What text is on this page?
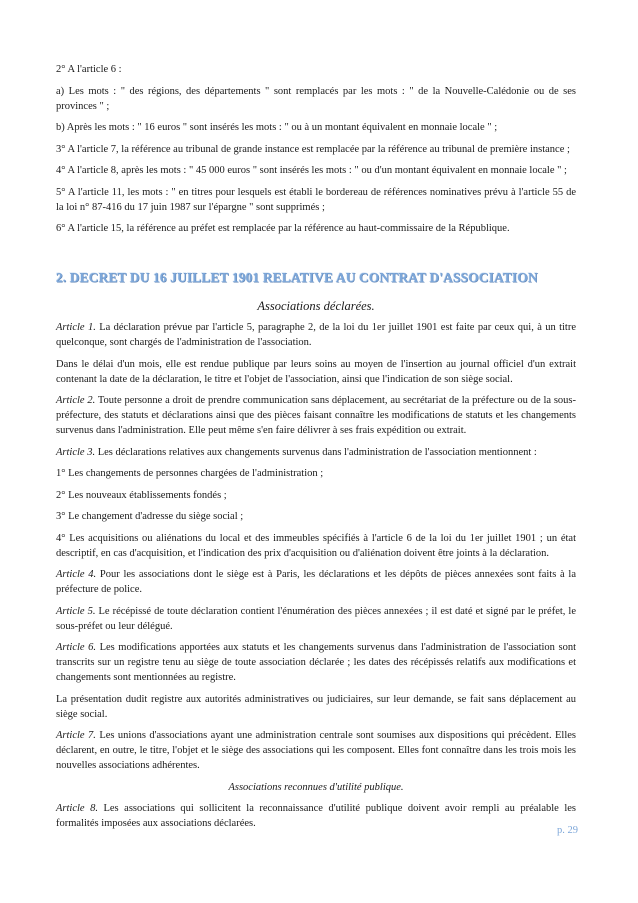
2° A l'article 6 :

a) Les mots : " des régions, des départements " sont remplacés par les mots : " de la Nouvelle-Calédonie ou de ses provinces " ;

b) Après les mots : " 16 euros " sont insérés les mots : " ou à un montant équivalent en monnaie locale " ;

3° A l'article 7, la référence au tribunal de grande instance est remplacée par la référence au tribunal de première instance ;

4° A l'article 8, après les mots : " 45 000 euros " sont insérés les mots : " ou d'un montant équivalent en monnaie locale " ;

5° A l'article 11, les mots : " en titres pour lesquels est établi le bordereau de références nominatives prévu à l'article 55 de la loi n° 87-416 du 17 juin 1987 sur l'épargne " sont supprimés ;

6° A l'article 15, la référence au préfet est remplacée par la référence au haut-commissaire de la République.

2. DECRET DU 16 JUILLET 1901 RELATIVE AU CONTRAT D'ASSOCIATION
Associations déclarées.

Article 1. La déclaration prévue par l'article 5, paragraphe 2, de la loi du 1er juillet 1901 est faite par ceux qui, à un titre quelconque, sont chargés de l'administration de l'association.

Dans le délai d'un mois, elle est rendue publique par leurs soins au moyen de l'insertion au journal officiel d'un extrait contenant la date de la déclaration, le titre et l'objet de l'association, ainsi que l'indication de son siège social.

Article 2. Toute personne a droit de prendre communication sans déplacement, au secrétariat de la préfecture ou de la sous-préfecture, des statuts et déclarations ainsi que des pièces faisant connaître les modifications de statuts et les changements survenus dans l'administration. Elle peut même s'en faire délivrer à ses frais expédition ou extrait.

Article 3. Les déclarations relatives aux changements survenus dans l'administration de l'association mentionnent :

1° Les changements de personnes chargées de l'administration ;

2° Les nouveaux établissements fondés ;

3° Le changement d'adresse du siège social ;

4° Les acquisitions ou aliénations du local et des immeubles spécifiés à l'article 6 de la loi du 1er juillet 1901 ; un état descriptif, en cas d'acquisition, et l'indication des prix d'acquisition ou d'aliénation doivent être joints à la déclaration.

Article 4. Pour les associations dont le siège est à Paris, les déclarations et les dépôts de pièces annexées sont faits à la préfecture de police.

Article 5. Le récépissé de toute déclaration contient l'énumération des pièces annexées ; il est daté et signé par le préfet, le sous-préfet ou leur délégué.

Article 6. Les modifications apportées aux statuts et les changements survenus dans l'administration de l'association sont transcrits sur un registre tenu au siège de toute association déclarée ; les dates des récépissés relatifs aux modifications et changements sont mentionnées au registre.

La présentation dudit registre aux autorités administratives ou judiciaires, sur leur demande, se fait sans déplacement au siège social.

Article 7. Les unions d'associations ayant une administration centrale sont soumises aux dispositions qui précèdent. Elles déclarent, en outre, le titre, l'objet et le siège des associations qui les composent. Elles font connaître dans les trois mois les nouvelles associations adhérentes.

Associations reconnues d'utilité publique.

Article 8. Les associations qui sollicitent la reconnaissance d'utilité publique doivent avoir rempli au préalable les formalités imposées aux associations déclarées.

p. 29
